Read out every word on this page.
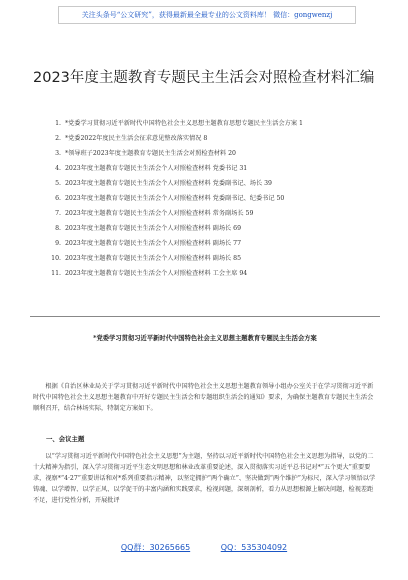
关注头条号“公文研究”，获得最新最全最专业的公文资料库！ 微信：gongwenzj
2023年度主题教育专题民主生活会对照检查材料汇编
1. *党委学习贯彻习近平新时代中国特色社会主义思想主题教育思想专题民主生活会方案 1
2. *党委2022年度民主生活会征求意见整改落实情况 8
3. *领导班子2023年度主题教育专题民主生活会对照检查材料 20
4. 2023年度主题教育专题民主生活会个人对照检查材料 党委书记 31
5. 2023年度主题教育专题民主生活会个人对照检查材料 党委副书记、场长 39
6. 2023年度主题教育专题民主生活会个人对照检查材料 党委副书记、纪委书记 50
7. 2023年度主题教育专题民主生活会个人对照检查材料 常务副场长 59
8. 2023年度主题教育专题民主生活会个人对照检查材料 副场长 69
9. 2023年度主题教育专题民主生活会个人对照检查材料 副场长 77
10. 2023年度主题教育专题民主生活会个人对照检查材料 副场长 85
11. 2023年度主题教育专题民主生活会个人对照检查材料 工会主席 94
*党委学习贯彻习近平新时代中国特色社会主义思想主题教育专题民主生活会方案
根据《自治区林业局关于学习贯彻习近平新时代中国特色社会主义思想主题教育领导小组办公室关于在学习贯彻习近平新时代中国特色社会主义思想主题教育中开好专题民主生活会和专题组织生活会的通知》要求，为确保主题教育专题民主生活会顺利召开，结合林场实际，特制定方案如下。
一、会议主题
以“学习贯彻习近平新时代中国特色社会主义思想”为主题，坚持以习近平新时代中国特色社会主义思想为指导，以党的二十大精神为指引，深入学习贯彻习近平生态文明思想和林业改革重要论述，深入贯彻落实习近平总书记对*“五个更大”重要要求，视察*“4·27”重要讲话和对*系列重要指示精神，以坚定拥护“两个确立”、坚决做到“两个维护”为标尺，深入学习领悟以学铸魂、以学增智、以学正风、以学促干的丰富内涵和实践要求，检视问题，深刻剖析，看力从思想根源上解决问题，检视差距不足，进行党性分析，开展批评
QQ群：30265665	QQ：535304092
